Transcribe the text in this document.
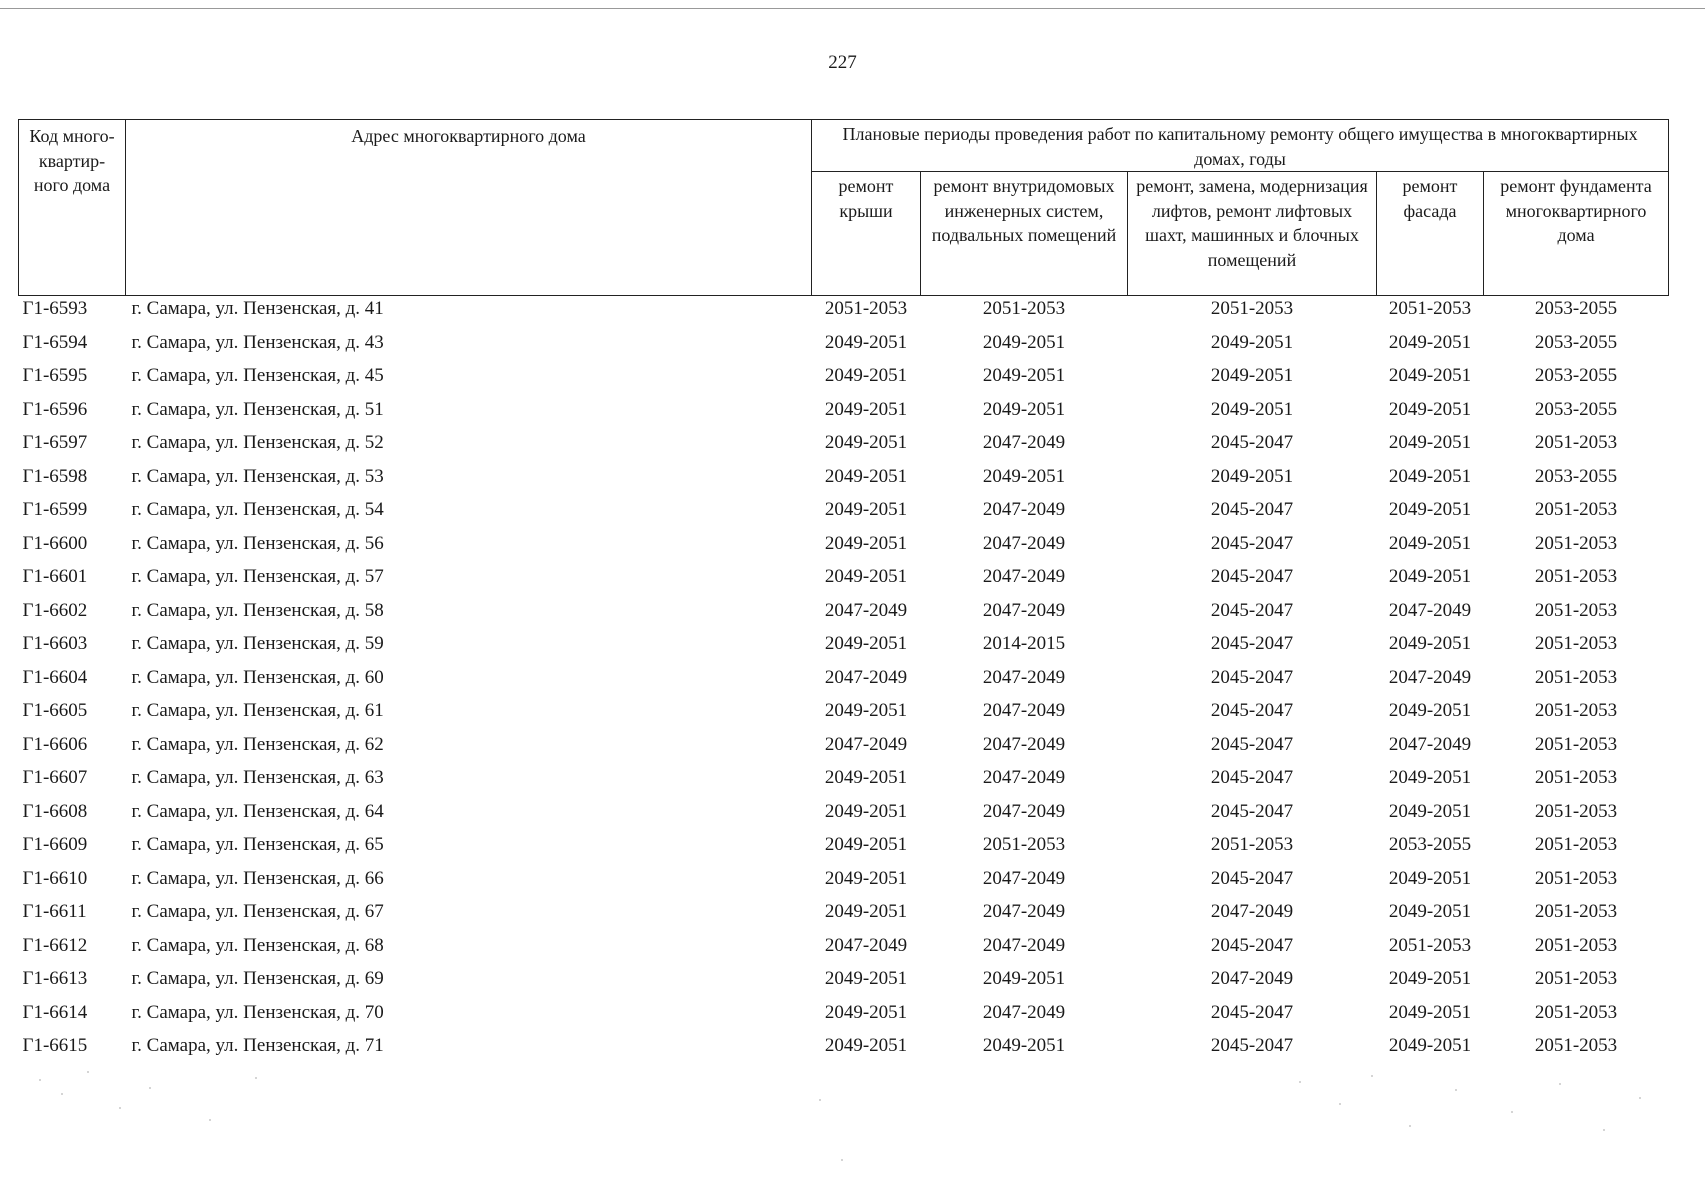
227
Код много-квартир-ного дома	Адрес многоквартирного дома	Плановые периоды проведения работ по капитальному ремонту общего имущества в многоквартирных домах, годы				
		ремонт крыши	ремонт внутридомовых инженерных систем, подвальных помещений	ремонт, замена, модернизация лифтов, ремонт лифтовых шахт, машинных и блочных помещений	ремонт фасада	ремонт фундамента многоквартирного дома
Г1-6593	г. Самара, ул. Пензенская, д. 41	2051-2053	2051-2053	2051-2053	2051-2053	2053-2055
Г1-6594	г. Самара, ул. Пензенская, д. 43	2049-2051	2049-2051	2049-2051	2049-2051	2053-2055
Г1-6595	г. Самара, ул. Пензенская, д. 45	2049-2051	2049-2051	2049-2051	2049-2051	2053-2055
Г1-6596	г. Самара, ул. Пензенская, д. 51	2049-2051	2049-2051	2049-2051	2049-2051	2053-2055
Г1-6597	г. Самара, ул. Пензенская, д. 52	2049-2051	2047-2049	2045-2047	2049-2051	2051-2053
Г1-6598	г. Самара, ул. Пензенская, д. 53	2049-2051	2049-2051	2049-2051	2049-2051	2053-2055
Г1-6599	г. Самара, ул. Пензенская, д. 54	2049-2051	2047-2049	2045-2047	2049-2051	2051-2053
Г1-6600	г. Самара, ул. Пензенская, д. 56	2049-2051	2047-2049	2045-2047	2049-2051	2051-2053
Г1-6601	г. Самара, ул. Пензенская, д. 57	2049-2051	2047-2049	2045-2047	2049-2051	2051-2053
Г1-6602	г. Самара, ул. Пензенская, д. 58	2047-2049	2047-2049	2045-2047	2047-2049	2051-2053
Г1-6603	г. Самара, ул. Пензенская, д. 59	2049-2051	2014-2015	2045-2047	2049-2051	2051-2053
Г1-6604	г. Самара, ул. Пензенская, д. 60	2047-2049	2047-2049	2045-2047	2047-2049	2051-2053
Г1-6605	г. Самара, ул. Пензенская, д. 61	2049-2051	2047-2049	2045-2047	2049-2051	2051-2053
Г1-6606	г. Самара, ул. Пензенская, д. 62	2047-2049	2047-2049	2045-2047	2047-2049	2051-2053
Г1-6607	г. Самара, ул. Пензенская, д. 63	2049-2051	2047-2049	2045-2047	2049-2051	2051-2053
Г1-6608	г. Самара, ул. Пензенская, д. 64	2049-2051	2047-2049	2045-2047	2049-2051	2051-2053
Г1-6609	г. Самара, ул. Пензенская, д. 65	2049-2051	2051-2053	2051-2053	2053-2055	2051-2053
Г1-6610	г. Самара, ул. Пензенская, д. 66	2049-2051	2047-2049	2045-2047	2049-2051	2051-2053
Г1-6611	г. Самара, ул. Пензенская, д. 67	2049-2051	2047-2049	2047-2049	2049-2051	2051-2053
Г1-6612	г. Самара, ул. Пензенская, д. 68	2047-2049	2047-2049	2045-2047	2051-2053	2051-2053
Г1-6613	г. Самара, ул. Пензенская, д. 69	2049-2051	2049-2051	2047-2049	2049-2051	2051-2053
Г1-6614	г. Самара, ул. Пензенская, д. 70	2049-2051	2047-2049	2045-2047	2049-2051	2051-2053
Г1-6615	г. Самара, ул. Пензенская, д. 71	2049-2051	2049-2051	2045-2047	2049-2051	2051-2053
